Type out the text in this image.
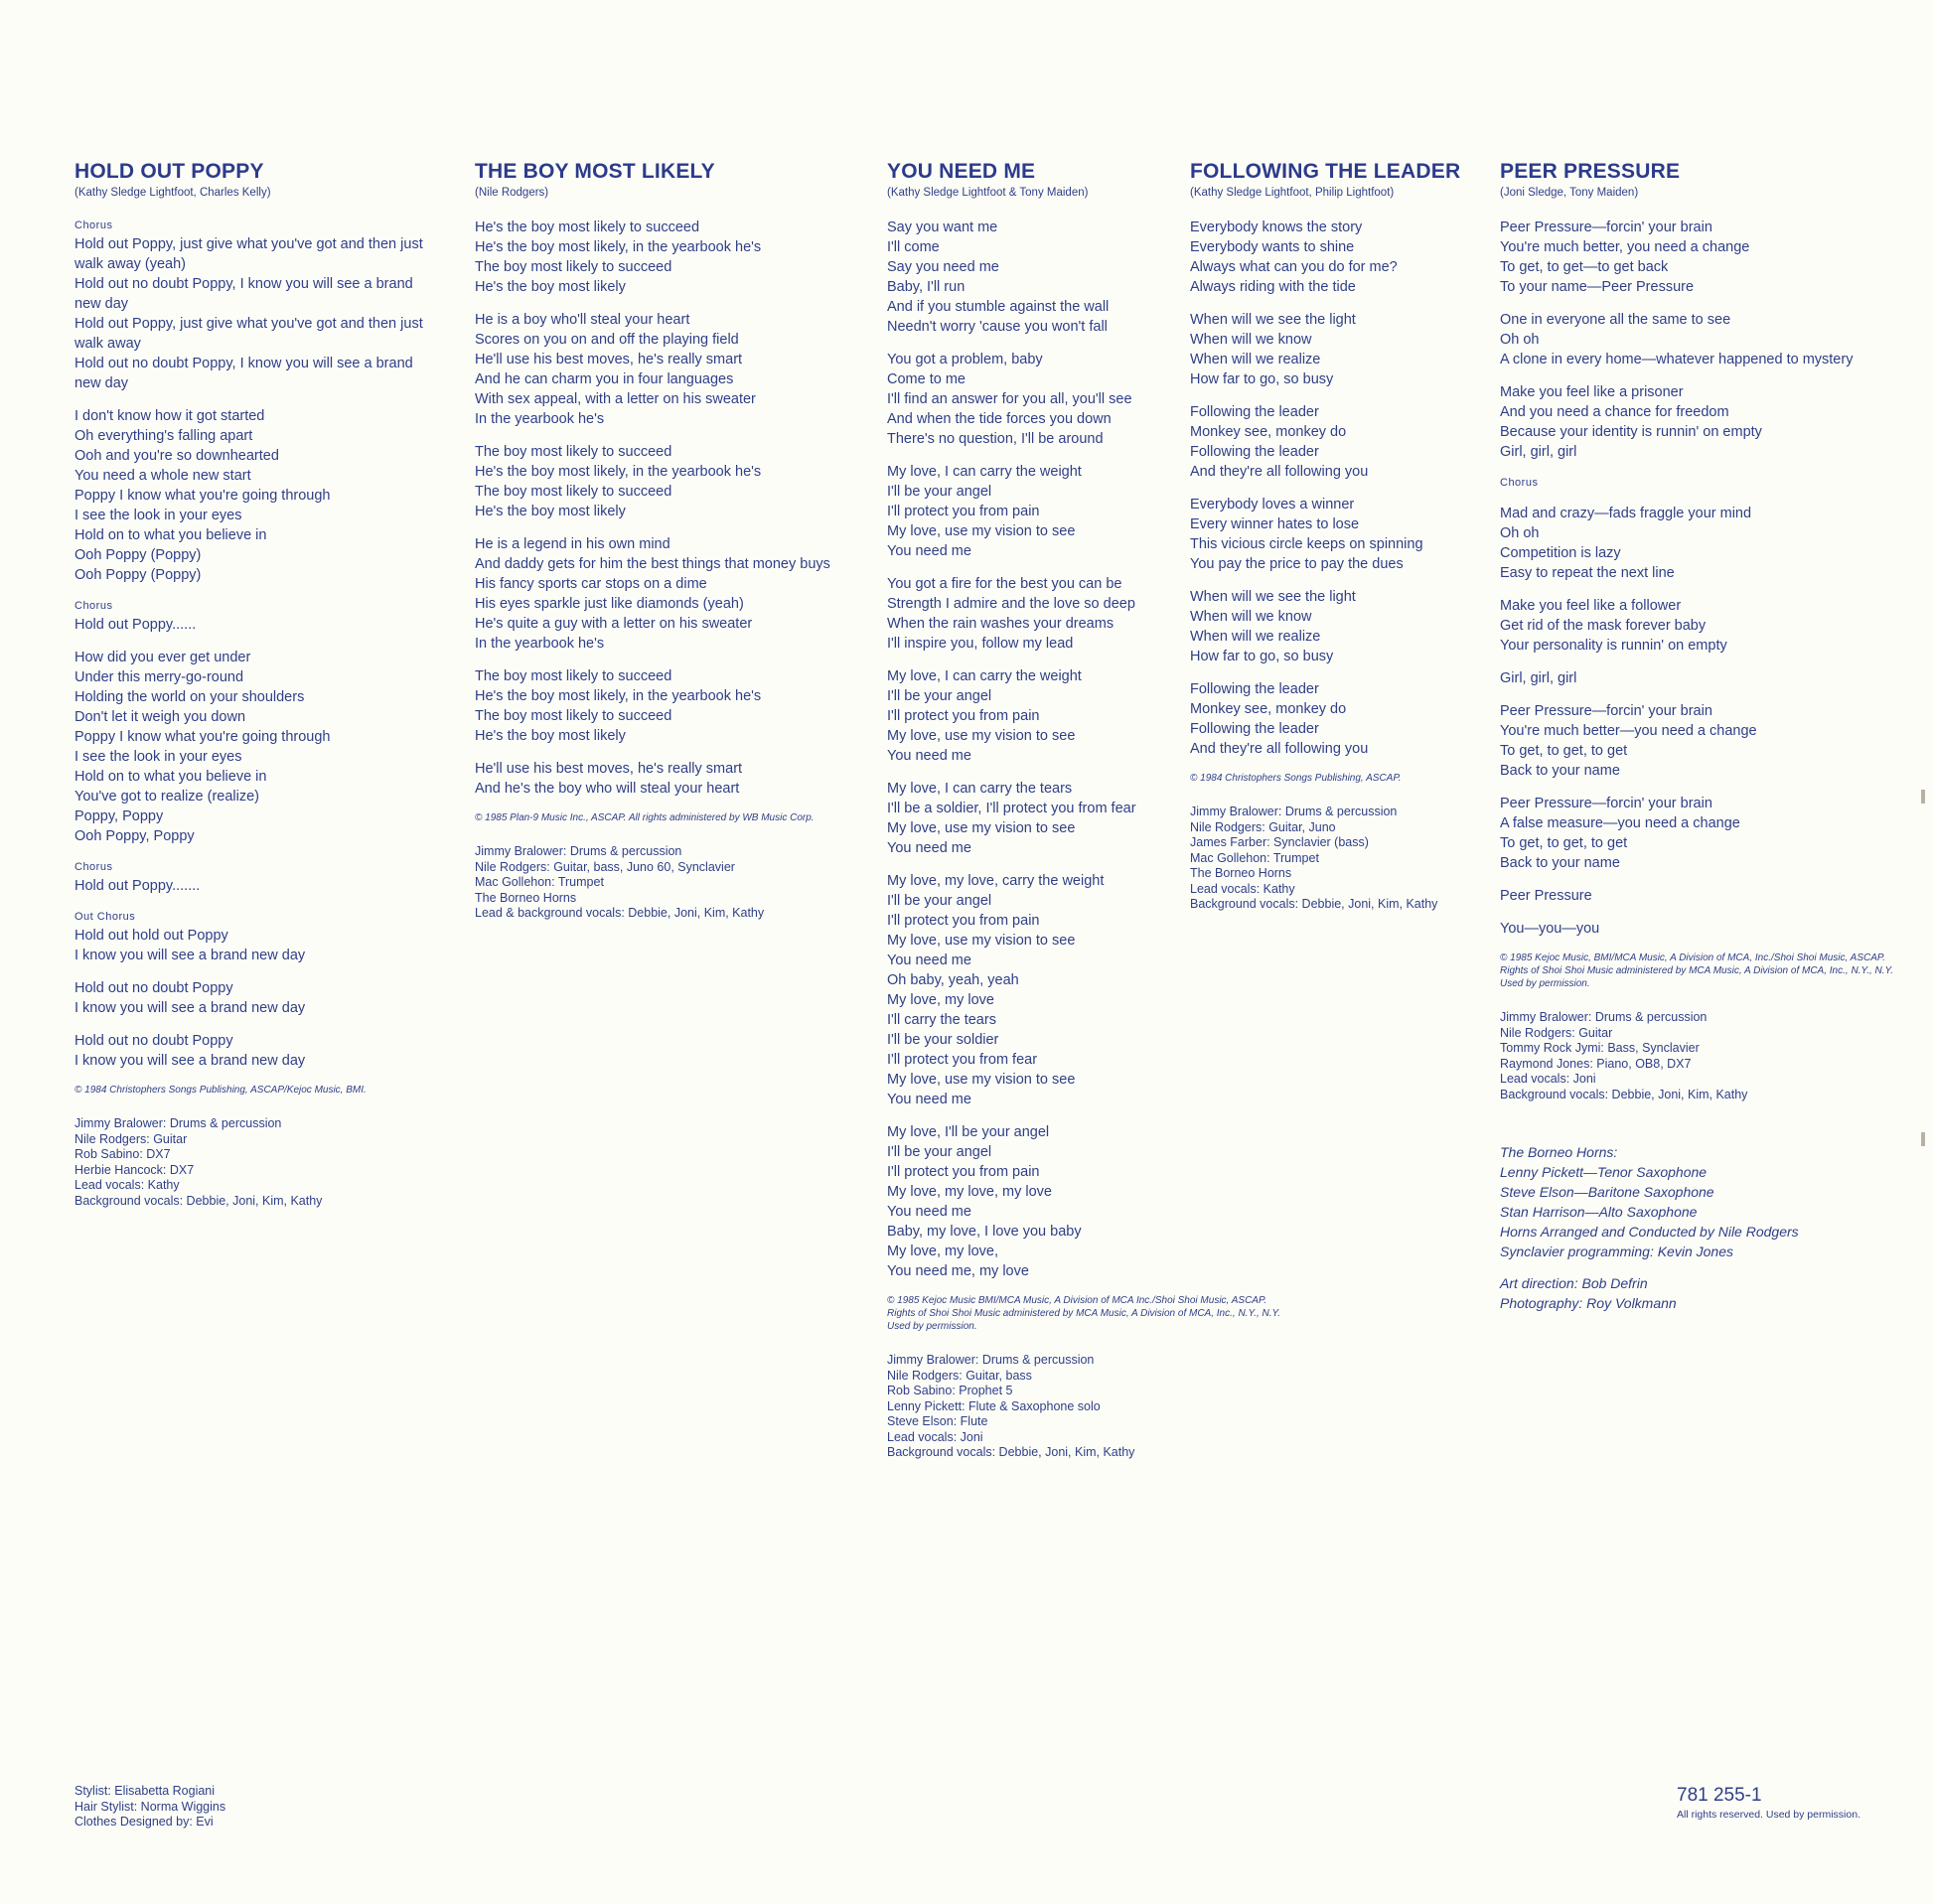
HOLD OUT POPPY
(Kathy Sledge Lightfoot, Charles Kelly)
Chorus
Hold out Poppy, just give what you've got and then just walk away (yeah)
Hold out no doubt Poppy, I know you will see a brand new day
Hold out Poppy, just give what you've got and then just walk away
Hold out no doubt Poppy, I know you will see a brand new day
I don't know how it got started
Oh everything's falling apart
Ooh and you're so downhearted
You need a whole new start
Poppy I know what you're going through
I see the look in your eyes
Hold on to what you believe in
Ooh Poppy (Poppy)
Ooh Poppy (Poppy)
Chorus
Hold out Poppy......
How did you ever get under
Under this merry-go-round
Holding the world on your shoulders
Don't let it weigh you down
Poppy I know what you're going through
I see the look in your eyes
Hold on to what you believe in
You've got to realize (realize)
Poppy, Poppy
Ooh Poppy, Poppy
Chorus
Hold out Poppy.......
Out Chorus
Hold out hold out Poppy
I know you will see a brand new day
Hold out no doubt Poppy
I know you will see a brand new day
Hold out no doubt Poppy
I know you will see a brand new day
© 1984 Christophers Songs Publishing, ASCAP/Kejoc Music, BMI.
Jimmy Bralower: Drums & percussion
Nile Rodgers: Guitar
Rob Sabino: DX7
Herbie Hancock: DX7
Lead vocals: Kathy
Background vocals: Debbie, Joni, Kim, Kathy
THE BOY MOST LIKELY
(Nile Rodgers)
He's the boy most likely to succeed
He's the boy most likely, in the yearbook he's
The boy most likely to succeed
He's the boy most likely
He is a boy who'll steal your heart
Scores on you on and off the playing field
He'll use his best moves, he's really smart
And he can charm you in four languages
With sex appeal, with a letter on his sweater
In the yearbook he's
The boy most likely to succeed
He's the boy most likely, in the yearbook he's
The boy most likely to succeed
He's the boy most likely
He is a legend in his own mind
And daddy gets for him the best things that money buys
His fancy sports car stops on a dime
His eyes sparkle just like diamonds (yeah)
He's quite a guy with a letter on his sweater
In the yearbook he's
The boy most likely to succeed
He's the boy most likely, in the yearbook he's
The boy most likely to succeed
He's the boy most likely
He'll use his best moves, he's really smart
And he's the boy who will steal your heart
© 1985 Plan-9 Music Inc., ASCAP. All rights administered by WB Music Corp.
Jimmy Bralower: Drums & percussion
Nile Rodgers: Guitar, bass, Juno 60, Synclavier
Mac Gollehon: Trumpet
The Borneo Horns
Lead & background vocals: Debbie, Joni, Kim, Kathy
YOU NEED ME
(Kathy Sledge Lightfoot & Tony Maiden)
Say you want me
I'll come
Say you need me
Baby, I'll run
And if you stumble against the wall
Needn't worry 'cause you won't fall
You got a problem, baby
Come to me
I'll find an answer for you all, you'll see
And when the tide forces you down
There's no question, I'll be around
My love, I can carry the weight
I'll be your angel
I'll protect you from pain
My love, use my vision to see
You need me
You got a fire for the best you can be
Strength I admire and the love so deep
When the rain washes your dreams
I'll inspire you, follow my lead
My love, I can carry the weight
I'll be your angel
I'll protect you from pain
My love, use my vision to see
You need me
My love, I can carry the tears
I'll be a soldier, I'll protect you from fear
My love, use my vision to see
You need me
My love, my love, carry the weight
I'll be your angel
I'll protect you from pain
My love, use my vision to see
You need me
Oh baby, yeah, yeah
My love, my love
I'll carry the tears
I'll be your soldier
I'll protect you from fear
My love, use my vision to see
You need me
My love, I'll be your angel
I'll be your angel
I'll protect you from pain
My love, my love, my love
You need me
Baby, my love, I love you baby
My love, my love,
You need me, my love
© 1985 Kejoc Music BMI/MCA Music, A Division of MCA Inc./Shoi Shoi Music, ASCAP. Rights of Shoi Shoi Music administered by MCA Music, A Division of MCA, Inc., N.Y., N.Y. Used by permission.
Jimmy Bralower: Drums & percussion
Nile Rodgers: Guitar, bass
Rob Sabino: Prophet 5
Lenny Pickett: Flute & Saxophone solo
Steve Elson: Flute
Lead vocals: Joni
Background vocals: Debbie, Joni, Kim, Kathy
FOLLOWING THE LEADER
(Kathy Sledge Lightfoot, Philip Lightfoot)
Everybody knows the story
Everybody wants to shine
Always what can you do for me?
Always riding with the tide
When will we see the light
When will we know
When will we realize
How far to go, so busy
Following the leader
Monkey see, monkey do
Following the leader
And they're all following you
Everybody loves a winner
Every winner hates to lose
This vicious circle keeps on spinning
You pay the price to pay the dues
When will we see the light
When will we know
When will we realize
How far to go, so busy
Following the leader
Monkey see, monkey do
Following the leader
And they're all following you
© 1984 Christophers Songs Publishing, ASCAP.
Jimmy Bralower: Drums & percussion
Nile Rodgers: Guitar, Juno
James Farber: Synclavier (bass)
Mac Gollehon: Trumpet
The Borneo Horns
Lead vocals: Kathy
Background vocals: Debbie, Joni, Kim, Kathy
PEER PRESSURE
(Joni Sledge, Tony Maiden)
Peer Pressure—forcin' your brain
You're much better, you need a change
To get, to get—to get back
To your name—Peer Pressure
One in everyone all the same to see
Oh oh
A clone in every home—whatever happened to mystery
Make you feel like a prisoner
And you need a chance for freedom
Because your identity is runnin' on empty
Girl, girl, girl
Chorus
Mad and crazy—fads fraggle your mind
Oh oh
Competition is lazy
Easy to repeat the next line
Make you feel like a follower
Get rid of the mask forever baby
Your personality is runnin' on empty
Girl, girl, girl
Peer Pressure—forcin' your brain
You're much better—you need a change
To get, to get, to get
Back to your name
Peer Pressure—forcin' your brain
A false measure—you need a change
To get, to get, to get
Back to your name
Peer Pressure
You—you—you
© 1985 Kejoc Music, BMI/MCA Music, A Division of MCA, Inc./Shoi Shoi Music, ASCAP. Rights of Shoi Shoi Music administered by MCA Music, A Division of MCA, Inc., N.Y., N.Y. Used by permission.
Jimmy Bralower: Drums & percussion
Nile Rodgers: Guitar
Tommy Rock Jymi: Bass, Synclavier
Raymond Jones: Piano, OB8, DX7
Lead vocals: Joni
Background vocals: Debbie, Joni, Kim, Kathy
The Borneo Horns:
Lenny Pickett—Tenor Saxophone
Steve Elson—Baritone Saxophone
Stan Harrison—Alto Saxophone
Horns Arranged and Conducted by Nile Rodgers
Synclavier programming: Kevin Jones
Art direction: Bob Defrin
Photography: Roy Volkmann
Stylist: Elisabetta Rogiani
Hair Stylist: Norma Wiggins
Clothes Designed by: Evi
781 255-1
All rights reserved. Used by permission.
